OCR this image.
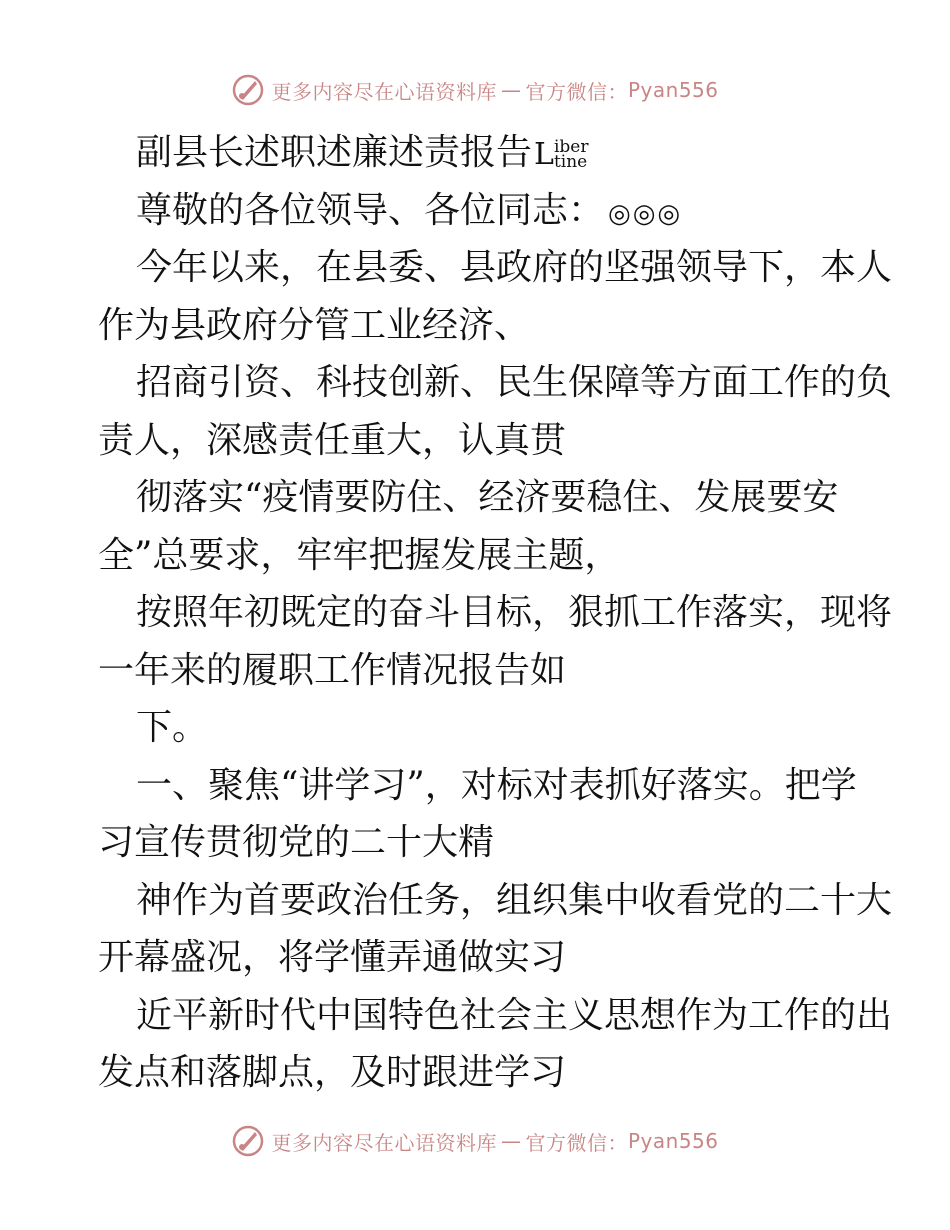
更多内容尽在心语资料库 — 官方微信： Pyan556
副县长述职述廉述责报告 L iber
tine
尊敬的各位领导、各位同志： ◎◎◎
今年以来，在县委、县政府的坚强领导下，本人
作为县政府分管工业经济、
招商引资、科技创新、民生保障等方面工作的负
责人，深感责任重大，认真贯
彻落实“疫情要防住、经济要稳住、发展要安
全”总要求，牢牢把握发展主题，
按照年初既定的奋斗目标，狠抓工作落实，现将
一年来的履职工作情况报告如
下。
一、聚焦“讲学习”，对标对表抓好落实。把学
习宣传贯彻党的二十大精
神作为首要政治任务，组织集中收看党的二十大
开幕盛况，将学懂弄通做实习
近平新时代中国特色社会主义思想作为工作的出
发点和落脚点，及时跟进学习
更多内容尽在心语资料库 — 官方微信： Pyan556
